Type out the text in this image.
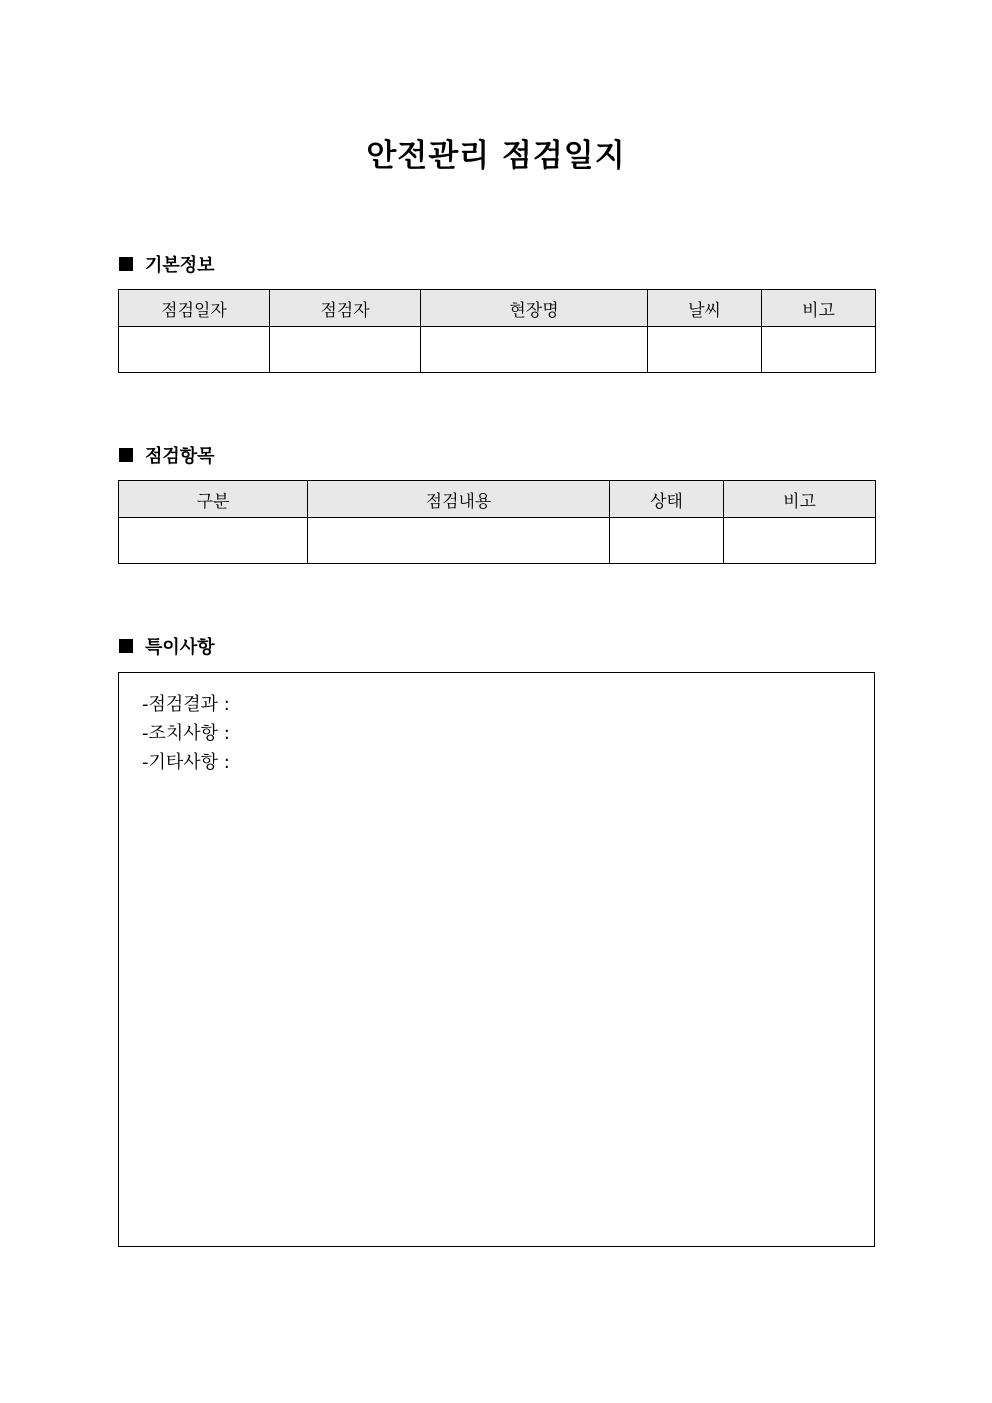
안전관리 점검일지
기본정보
점검일자	점검자	현장명	날씨	비고

점검항목
구분	점검내용	상태	비고

특이사항
-점검결과 :
-조치사항 :
-기타사항 :
